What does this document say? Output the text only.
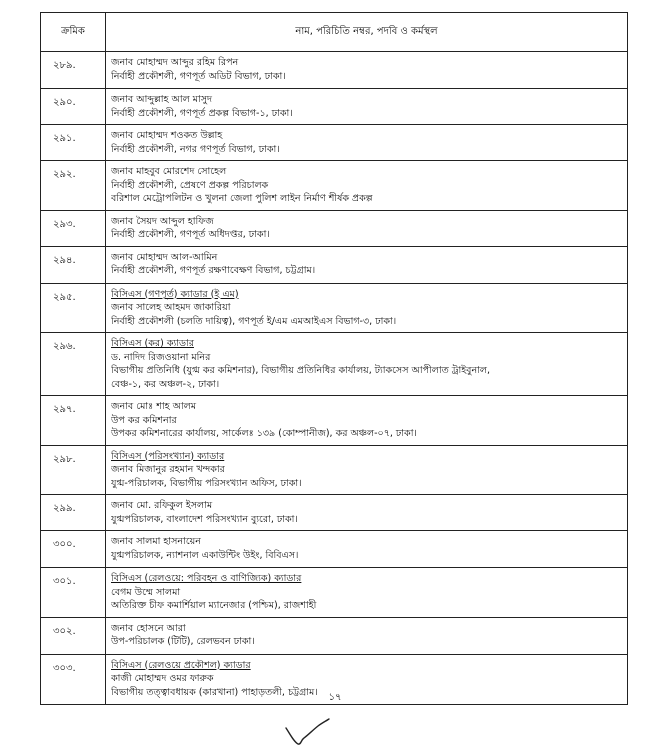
ক্রমিক	নাম, পরিচিতি নম্বর, পদবি ও কর্মস্থল
২৮৯.	জনাব মোহাম্মদ আব্দুর রহিম রিপন
নির্বাহী প্রকৌশলী, গণপূর্ত অডিট বিভাগ, ঢাকা।

২৯০.	জনাব আব্দুল্লাহ আল মাসুদ
নির্বাহী প্রকৌশলী, গণপূর্ত প্রকল্প বিভাগ-১, ঢাকা।

২৯১.	জনাব মোহাম্মদ শওকত উল্লাহ
নির্বাহী প্রকৌশলী, নগর গণপূর্ত বিভাগ, ঢাকা।

২৯২.	জনাব মাহবুব মোরশেদ সোহেল
নির্বাহী প্রকৌশলী, প্রেষণে প্রকল্প পরিচালক
বরিশাল মেট্রোপলিটন ও খুলনা জেলা পুলিশ লাইন নির্মাণ শীর্ষক প্রকল্প

২৯৩.	জনাব সৈয়দ আব্দুল হাফিজ
নির্বাহী প্রকৌশলী, গণপূর্ত অধিদপ্তর, ঢাকা।

২৯৪.	জনাব মোহাম্মদ আল-আমিন
নির্বাহী প্রকৌশলী, গণপূর্ত রক্ষণাবেক্ষণ বিভাগ, চট্টগ্রাম।

২৯৫.	বিসিএস (গণপূর্ত) ক্যাডার (ই এম)
জনাব সালেহ আহমদ জাকারিয়া
নির্বাহী প্রকৌশলী (চলতি দায়িত্ব), গণপূর্ত ই/এম এমআইএস বিভাগ-৩, ঢাকা।

২৯৬.	বিসিএস (কর) ক্যাডার
ড. নাদিদ রিজওয়ানা মনির
বিভাগীয় প্রতিনিধি (যুগ্ম কর কমিশনার), বিভাগীয় প্রতিনিধির কার্যালয়, ট্যাকসেস আপীলাত ট্রাইবুনাল,
বেঞ্চ-১, কর অঞ্চল-২, ঢাকা।

২৯৭.	জনাব মোঃ শাহ আলম
উপ কর কমিশনার
উপকর কমিশনারের কার্যালয়, সার্কেলঃ ১৩৯ (কোম্পানীজ), কর অঞ্চল-০৭, ঢাকা।

২৯৮.	বিসিএস (পরিসংখ্যান) ক্যাডার
জনাব মিজানুর রহমান খন্দকার
যুগ্ম-পরিচালক, বিভাগীয় পরিসংখ্যান অফিস, ঢাকা।

২৯৯.	জনাব মো. রফিকুল ইসলাম
যুগ্মপরিচালক, বাংলাদেশ পরিসংখ্যান ব্যুরো, ঢাকা।

৩০০.	জনাব সালমা হাসনায়েন
যুগ্মপরিচালক, ন্যাশনাল একাউন্টিং উইং, বিবিএস।

৩০১.	বিসিএস (রেলওয়ে: পরিবহন ও বাণিজ্যিক) ক্যাডার
বেগম উম্মে সালমা
অতিরিক্ত চীফ কমার্শিয়াল ম্যানেজার (পশ্চিম), রাজশাহী

৩০২.	জনাব হোসনে আরা
উপ-পরিচালক (টিটি), রেলভবন ঢাকা।

৩০৩.	বিসিএস (রেলওয়ে প্রকৌশল) ক্যাডার
কাজী মোহাম্মদ ওমর ফারুক
বিভাগীয় তত্ত্বাবধায়ক (কারখানা) পাহাড়তলী, চট্টগ্রাম।	১৭
